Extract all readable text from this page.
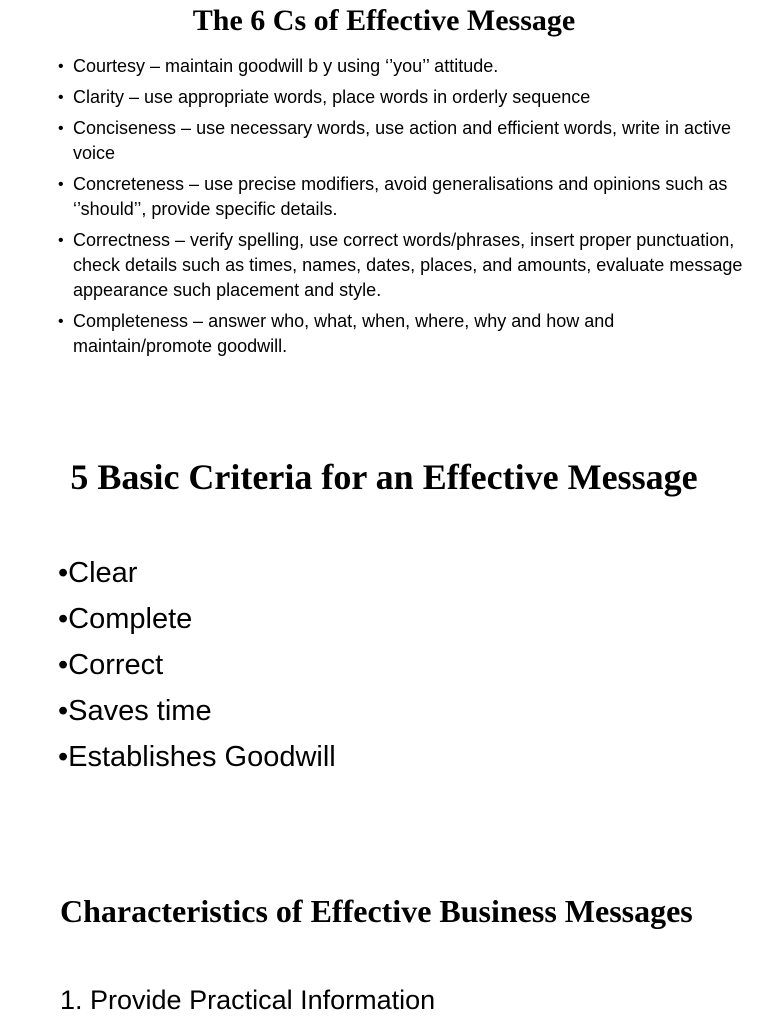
The 6 Cs of Effective Message
• Courtesy – maintain goodwill b y using ‘’you’’ attitude.
• Clarity – use appropriate words, place words in orderly sequence
• Conciseness – use necessary words, use action and efficient words, write in active voice
• Concreteness – use precise modifiers, avoid generalisations and opinions such as ‘’should’’, provide specific details.
• Correctness – verify spelling, use correct words/phrases, insert proper punctuation, check details such as times, names, dates, places, and amounts, evaluate message appearance such placement and style.
• Completeness – answer who, what, when, where, why and how and maintain/promote goodwill.
5 Basic Criteria for an Effective Message
•Clear
•Complete
•Correct
•Saves time
•Establishes Goodwill
Characteristics of Effective Business Messages
1. Provide Practical Information
